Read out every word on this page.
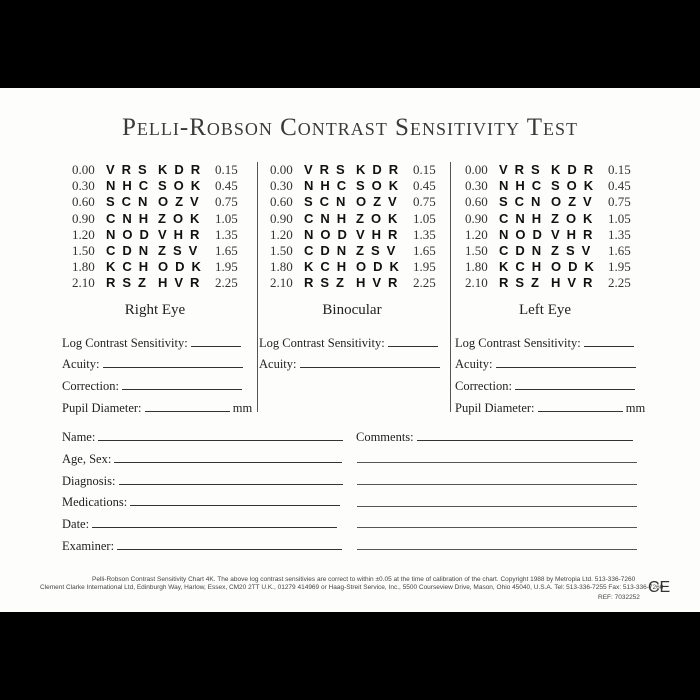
Pelli-Robson Contrast Sensitivity Test
0.00 VRS KDR 0.15
0.30 NHC SOK 0.45
0.60 SCN OZV 0.75
0.90 CNH ZOK 1.05
1.20 NOD VHR 1.35
1.50 CDN ZSV 1.65
1.80 KCH ODK 1.95
2.10 RSZ HVR 2.25
0.00 VRS KDR 0.15
0.30 NHC SOK 0.45
0.60 SCN OZV 0.75
0.90 CNH ZOK 1.05
1.20 NOD VHR 1.35
1.50 CDN ZSV 1.65
1.80 KCH ODK 1.95
2.10 RSZ HVR 2.25
0.00 VRS KDR 0.15
0.30 NHC SOK 0.45
0.60 SCN OZV 0.75
0.90 CNH ZOK 1.05
1.20 NOD VHR 1.35
1.50 CDN ZSV 1.65
1.80 KCH ODK 1.95
2.10 RSZ HVR 2.25
Right Eye	Binocular	Left Eye
Log Contrast Sensitivity:
Acuity:
Correction:
Pupil Diameter:	mm
Log Contrast Sensitivity:
Acuity:
Log Contrast Sensitivity:
Acuity:
Correction:
Pupil Diameter:	mm
Name:
Age, Sex:
Diagnosis:
Medications:
Date:
Examiner:
Comments:
Pelli-Robson Contrast Sensitivity Chart 4K. The above log contrast sensitivies are correct to within ±0.05 at the time of calibration of the chart. Copyright 1988 by Metropia Ltd. 513-336-7260
Clement Clarke International Ltd, Edinburgh Way, Harlow, Essex, CM20 2TT U.K., 01279 414969 or Haag-Streit Service, Inc., 5500 Courseview Drive, Mason, Ohio 45040, U.S.A. Tel: 513-336-7255 Fax: 513-336-7260
REF: 7032252
CE
